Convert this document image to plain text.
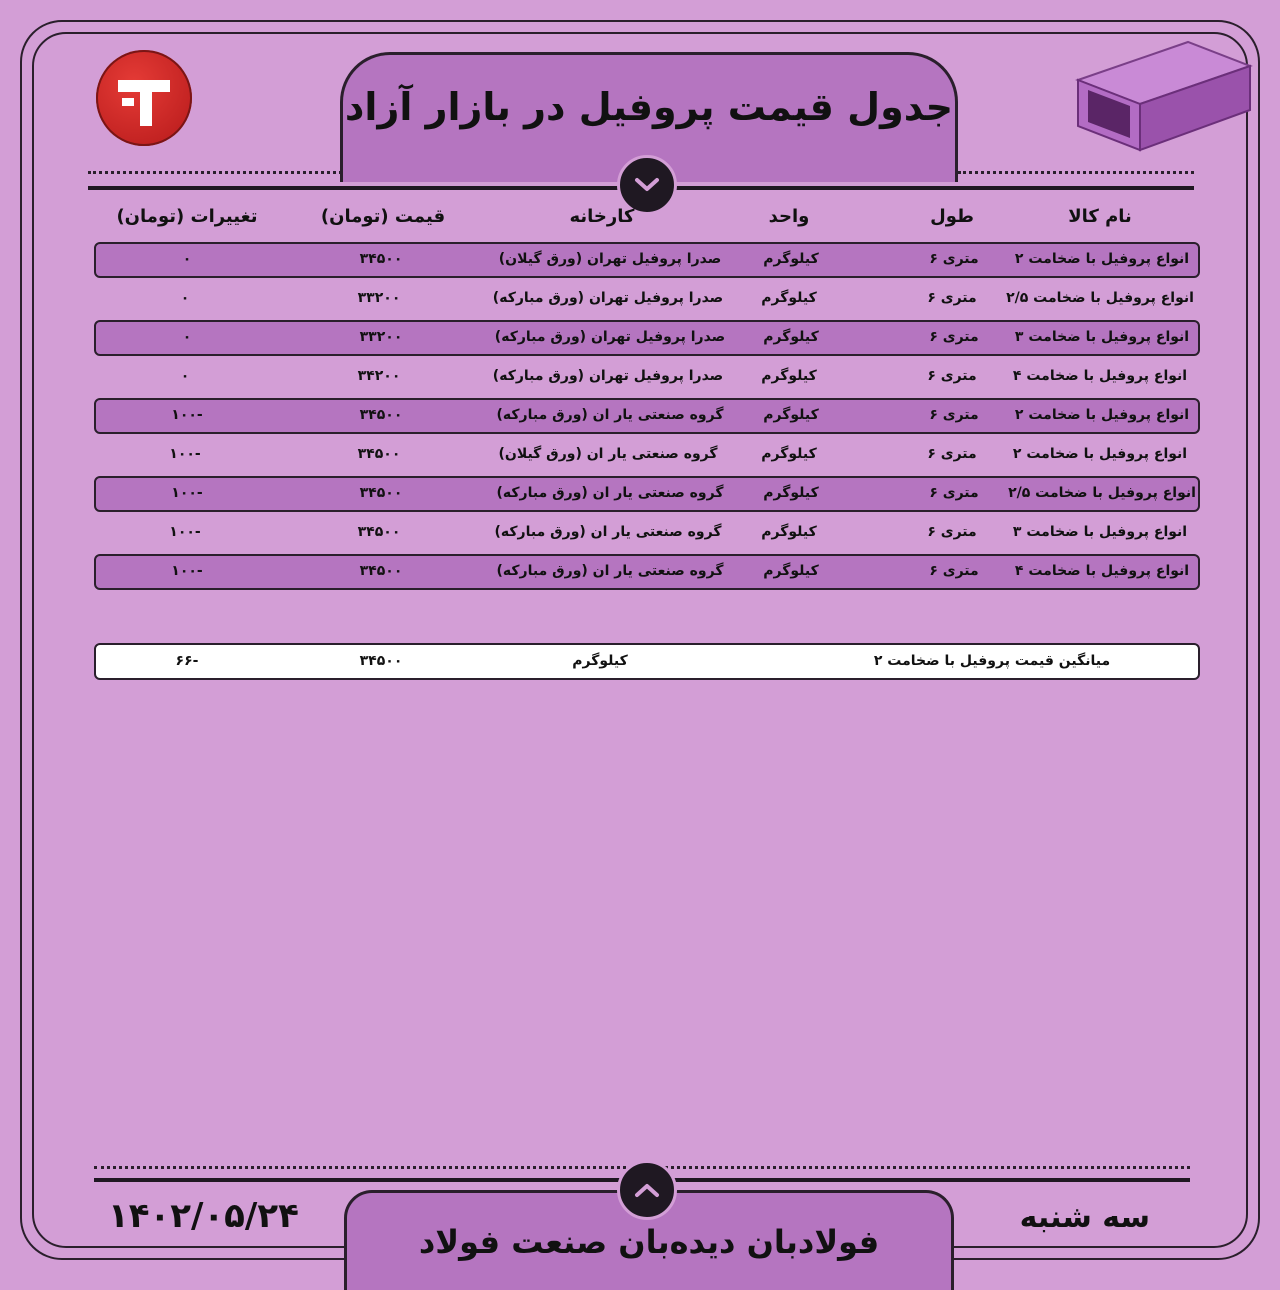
جدول قیمت پروفیل در بازار آزاد
نام کالا
طول
واحد
کارخانه
قیمت (تومان)
تغییرات (تومان)
انواع پروفیل با ضخامت ۲
متری ۶
کیلوگرم
صدرا پروفیل تهران (ورق گیلان)
۳۴۵۰۰
۰
انواع پروفیل با ضخامت ۲/۵
متری ۶
کیلوگرم
صدرا پروفیل تهران (ورق مبارکه)
۳۳۲۰۰
۰
انواع پروفیل با ضخامت ۳
متری ۶
کیلوگرم
صدرا پروفیل تهران (ورق مبارکه)
۳۳۲۰۰
۰
انواع پروفیل با ضخامت ۴
متری ۶
کیلوگرم
صدرا پروفیل تهران (ورق مبارکه)
۳۴۲۰۰
۰
انواع پروفیل با ضخامت ۲
متری ۶
کیلوگرم
گروه صنعتی یار ان (ورق مبارکه)
۳۴۵۰۰
-۱۰۰
انواع پروفیل با ضخامت ۲
متری ۶
کیلوگرم
گروه صنعتی یار ان (ورق گیلان)
۳۴۵۰۰
-۱۰۰
انواع پروفیل با ضخامت ۲/۵
متری ۶
کیلوگرم
گروه صنعتی یار ان (ورق مبارکه)
۳۴۵۰۰
-۱۰۰
انواع پروفیل با ضخامت ۳
متری ۶
کیلوگرم
گروه صنعتی یار ان (ورق مبارکه)
۳۴۵۰۰
-۱۰۰
انواع پروفیل با ضخامت ۴
متری ۶
کیلوگرم
گروه صنعتی یار ان (ورق مبارکه)
۳۴۵۰۰
-۱۰۰
میانگین قیمت پروفیل با ضخامت ۲
کیلوگرم
۳۴۵۰۰
-۶۶
فولادبان دیده‌بان صنعت فولاد
سه شنبه
۱۴۰۲/۰۵/۲۴
